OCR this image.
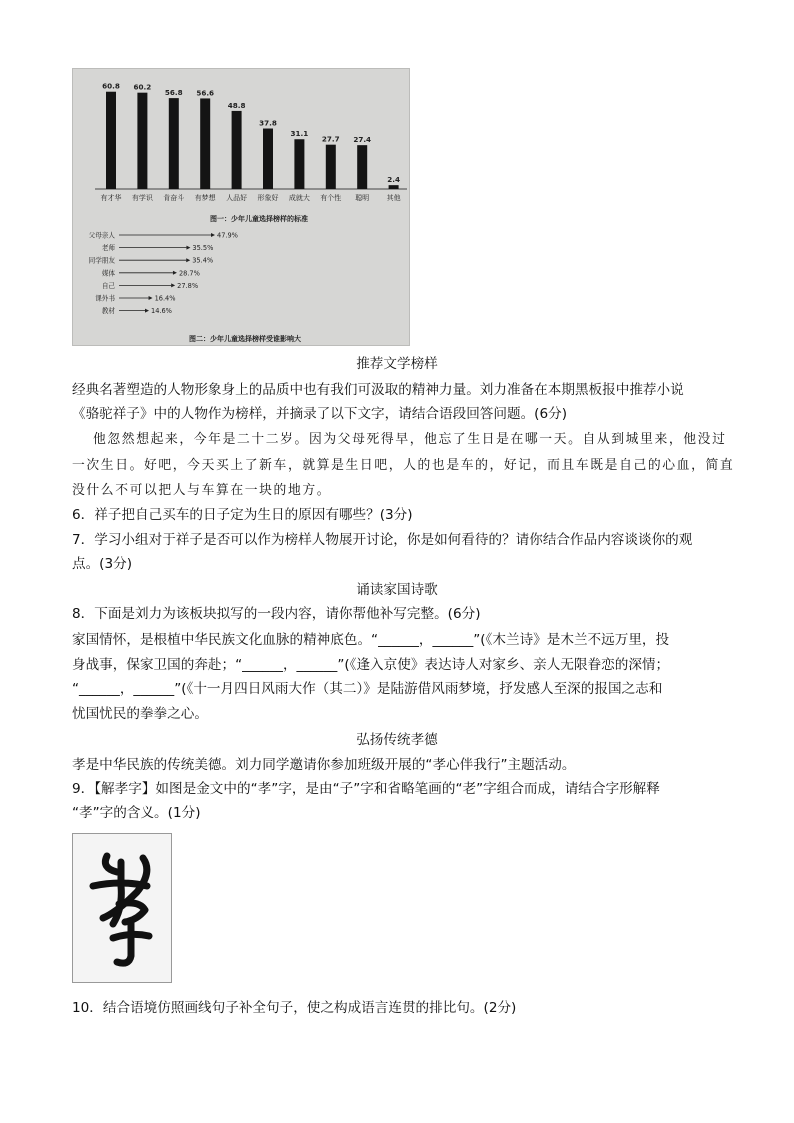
60.8
有才华
60.2
有学识
56.8
肯奋斗
56.6
有梦想
48.8
人品好
37.8
形象好
31.1
成就大
27.7
有个性
27.4
聪明
2.4
其他
图一：少年儿童选择榜样的标准
父母亲人	47.9%
老师	35.5%
同学朋友	35.4%
媒体	28.7%
自己	27.8%
课外书	16.4%
教材	14.6%
图二：少年儿童选择榜样受谁影响大
推荐文学榜样
经典名著塑造的人物形象身上的品质中也有我们可汲取的精神力量。刘力准备在本期黑板报中推荐小说
《骆驼祥子》中的人物作为榜样，并摘录了以下文字，请结合语段回答问题。(6分)
他忽然想起来，今年是二十二岁。因为父母死得早，他忘了生日是在哪一天。自从到城里来，他没过
一次生日。好吧，今天买上了新车，就算是生日吧，人的也是车的，好记，而且车既是自己的心血，简直
没什么不可以把人与车算在一块的地方。
6．祥子把自己买车的日子定为生日的原因有哪些？(3分)
7．学习小组对于祥子是否可以作为榜样人物展开讨论，你是如何看待的？请你结合作品内容谈谈你的观
点。(3分)
诵读家国诗歌
8．下面是刘力为该板块拟写的一段内容，请你帮他补写完整。(6分)
家国情怀，是根植中华民族文化血脉的精神底色。“______，______”(《木兰诗》是木兰不远万里，投
身战事，保家卫国的奔赴；“______，______”(《逢入京使》表达诗人对家乡、亲人无限眷恋的深情；
“______，______”(《十一月四日风雨大作（其二）》是陆游借风雨梦境，抒发感人至深的报国之志和
忧国忧民的拳拳之心。
弘扬传统孝德
孝是中华民族的传统美德。刘力同学邀请你参加班级开展的“孝心伴我行”主题活动。
9．【解孝字】如图是金文中的“孝”字，是由“子”字和省略笔画的“老”字组合而成，请结合字形解释
“孝”字的含义。(1分)
10．结合语境仿照画线句子补全句子，使之构成语言连贯的排比句。(2分)
